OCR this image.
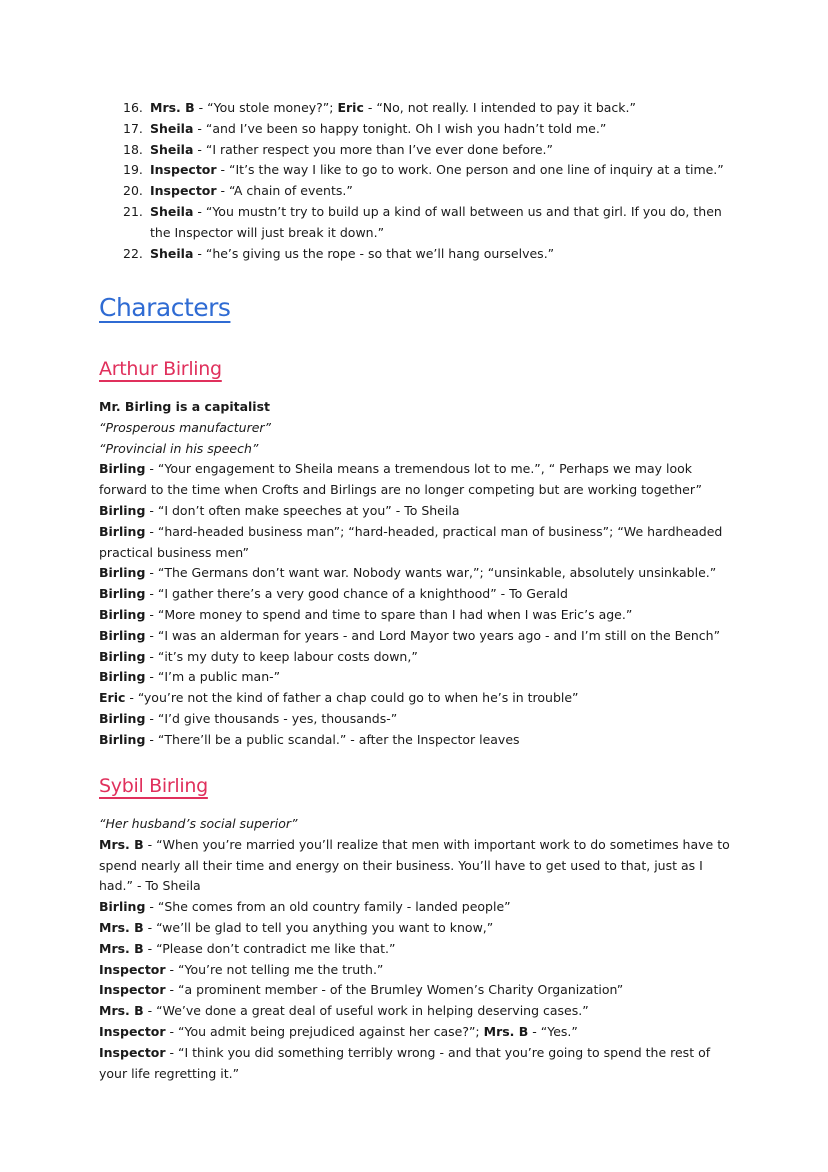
16. Mrs. B - “You stole money?”; Eric - “No, not really. I intended to pay it back.”
17. Sheila - “and I’ve been so happy tonight. Oh I wish you hadn’t told me.”
18. Sheila - “I rather respect you more than I’ve ever done before.”
19. Inspector - “It’s the way I like to go to work. One person and one line of inquiry at a time.”
20. Inspector - “A chain of events.”
21. Sheila - “You mustn’t try to build up a kind of wall between us and that girl. If you do, then the Inspector will just break it down.”
22. Sheila - “he’s giving us the rope - so that we’ll hang ourselves.”
Characters
Arthur Birling

Mr. Birling is a capitalist

“Prosperous manufacturer”

“Provincial in his speech”

Birling - “Your engagement to Sheila means a tremendous lot to me.”, “ Perhaps we may look forward to the time when Crofts and Birlings are no longer competing but are working together”

Birling - “I don’t often make speeches at you” - To Sheila

Birling - “hard-headed business man”; “hard-headed, practical man of business”; “We hardheaded practical business men”

Birling - “The Germans don’t want war. Nobody wants war,”; “unsinkable, absolutely unsinkable.”

Birling - “I gather there’s a very good chance of a knighthood” - To Gerald

Birling - “More money to spend and time to spare than I had when I was Eric’s age.”

Birling - “I was an alderman for years - and Lord Mayor two years ago - and I’m still on the Bench”

Birling - “it’s my duty to keep labour costs down,”

Birling - “I’m a public man-”

Eric - “you’re not the kind of father a chap could go to when he’s in trouble”

Birling - “I’d give thousands - yes, thousands-”

Birling - “There’ll be a public scandal.” - after the Inspector leaves

Sybil Birling

“Her husband’s social superior”

Mrs. B - “When you’re married you’ll realize that men with important work to do sometimes have to spend nearly all their time and energy on their business. You’ll have to get used to that, just as I had.” - To Sheila

Birling - “She comes from an old country family - landed people”

Mrs. B - “we’ll be glad to tell you anything you want to know,”

Mrs. B - “Please don’t contradict me like that.”

Inspector - “You’re not telling me the truth.”

Inspector - “a prominent member - of the Brumley Women’s Charity Organization”

Mrs. B - “We’ve done a great deal of useful work in helping deserving cases.”

Inspector - “You admit being prejudiced against her case?”; Mrs. B - “Yes.”

Inspector - “I think you did something terribly wrong - and that you’re going to spend the rest of your life regretting it.”
